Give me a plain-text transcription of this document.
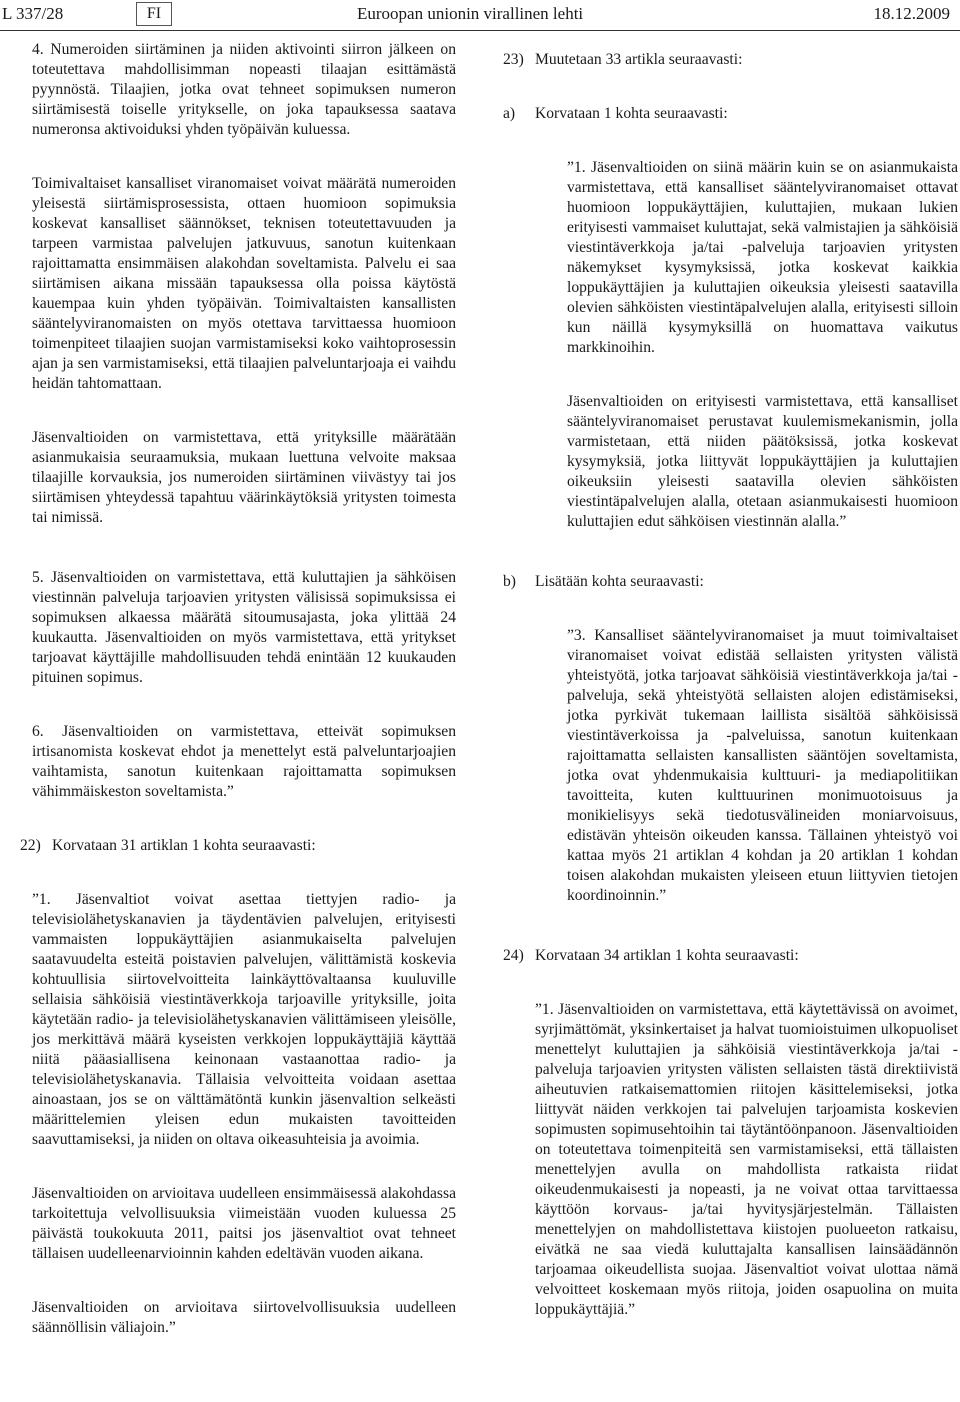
L 337/28	FI	Euroopan unionin virallinen lehti	18.12.2009

4. Numeroiden siirtäminen ja niiden aktivointi siirron jälkeen on toteutettava mahdollisimman nopeasti tilaajan esittämästä pyynnöstä. Tilaajien, jotka ovat tehneet sopimuksen numeron siirtämisestä toiselle yritykselle, on joka tapauksessa saatava numeronsa aktivoiduksi yhden työpäivän kuluessa.

Toimivaltaiset kansalliset viranomaiset voivat määrätä numeroiden yleisestä siirtämisprosessista, ottaen huomioon sopimuksia koskevat kansalliset säännökset, teknisen toteutettavuuden ja tarpeen varmistaa palvelujen jatkuvuus, sanotun kuitenkaan rajoittamatta ensimmäisen alakohdan soveltamista. Palvelu ei saa siirtämisen aikana missään tapauksessa olla poissa käytöstä kauempaa kuin yhden työpäivän. Toimivaltaisten kansallisten sääntelyviranomaisten on myös otettava tarvittaessa huomioon toimenpiteet tilaajien suojan varmistamiseksi koko vaihtoprosessin ajan ja sen varmistamiseksi, että tilaajien palveluntarjoaja ei vaihdu heidän tahtomattaan.

Jäsenvaltioiden on varmistettava, että yrityksille määrätään asianmukaisia seuraamuksia, mukaan luettuna velvoite maksaa tilaajille korvauksia, jos numeroiden siirtäminen viivästyy tai jos siirtämisen yhteydessä tapahtuu väärinkäytöksiä yritysten toimesta tai nimissä.

5. Jäsenvaltioiden on varmistettava, että kuluttajien ja sähköisen viestinnän palveluja tarjoavien yritysten välisissä sopimuksissa ei sopimuksen alkaessa määrätä sitoumusajasta, joka ylittää 24 kuukautta. Jäsenvaltioiden on myös varmistettava, että yritykset tarjoavat käyttäjille mahdollisuuden tehdä enintään 12 kuukauden pituinen sopimus.

6. Jäsenvaltioiden on varmistettava, etteivät sopimuksen irtisanomista koskevat ehdot ja menettelyt estä palveluntarjoajien vaihtamista, sanotun kuitenkaan rajoittamatta sopimuksen vähimmäiskeston soveltamista.”

22) Korvataan 31 artiklan 1 kohta seuraavasti:

”1. Jäsenvaltiot voivat asettaa tiettyjen radio- ja televisiolähetyskanavien ja täydentävien palvelujen, erityisesti vammaisten loppukäyttäjien asianmukaiselta palvelujen saatavuudelta esteitä poistavien palvelujen, välittämistä koskevia kohtuullisia siirtovelvoitteita lainkäyttövaltaansa kuuluville sellaisia sähköisiä viestintäverkkoja tarjoaville yrityksille, joita käytetään radio- ja televisiolähetyskanavien välittämiseen yleisölle, jos merkittävä määrä kyseisten verkkojen loppukäyttäjiä käyttää niitä pääasiallisena keinonaan vastaanottaa radio- ja televisiolähetyskanavia. Tällaisia velvoitteita voidaan asettaa ainoastaan, jos se on välttämätöntä kunkin jäsenvaltion selkeästi määrittelemien yleisen edun mukaisten tavoitteiden saavuttamiseksi, ja niiden on oltava oikeasuhteisia ja avoimia.

Jäsenvaltioiden on arvioitava uudelleen ensimmäisessä alakohdassa tarkoitettuja velvollisuuksia viimeistään vuoden kuluessa 25 päivästä toukokuuta 2011, paitsi jos jäsenvaltiot ovat tehneet tällaisen uudelleenarvioinnin kahden edeltävän vuoden aikana.

Jäsenvaltioiden on arvioitava siirtovelvollisuuksia uudelleen säännöllisin väliajoin.”

23) Muutetaan 33 artikla seuraavasti:
a)	Korvataan 1 kohta seuraavasti:

”1. Jäsenvaltioiden on siinä määrin kuin se on asianmukaista varmistettava, että kansalliset sääntelyviranomaiset ottavat huomioon loppukäyttäjien, kuluttajien, mukaan lukien erityisesti vammaiset kuluttajat, sekä valmistajien ja sähköisiä viestintäverkkoja ja/tai -palveluja tarjoavien yritysten näkemykset kysymyksissä, jotka koskevat kaikkia loppukäyttäjien ja kuluttajien oikeuksia yleisesti saatavilla olevien sähköisten viestintäpalvelujen alalla, erityisesti silloin kun näillä kysymyksillä on huomattava vaikutus markkinoihin.

Jäsenvaltioiden on erityisesti varmistettava, että kansalliset sääntelyviranomaiset perustavat kuulemismekanismin, jolla varmistetaan, että niiden päätöksissä, jotka koskevat kysymyksiä, jotka liittyvät loppukäyttäjien ja kuluttajien oikeuksiin yleisesti saatavilla olevien sähköisten viestintäpalvelujen alalla, otetaan asianmukaisesti huomioon kuluttajien edut sähköisen viestinnän alalla.”

b)	Lisätään kohta seuraavasti:

”3. Kansalliset sääntelyviranomaiset ja muut toimivaltaiset viranomaiset voivat edistää sellaisten yritysten välistä yhteistyötä, jotka tarjoavat sähköisiä viestintäverkkoja ja/tai -palveluja, sekä yhteistyötä sellaisten alojen edistämiseksi, jotka pyrkivät tukemaan laillista sisältöä sähköisissä viestintäverkoissa ja -palveluissa, sanotun kuitenkaan rajoittamatta sellaisten kansallisten sääntöjen soveltamista, jotka ovat yhdenmukaisia kulttuuri- ja mediapolitiikan tavoitteita, kuten kulttuurinen monimuotoisuus ja monikielisyys sekä tiedotusvälineiden moniarvoisuus, edistävän yhteisön oikeuden kanssa. Tällainen yhteistyö voi kattaa myös 21 artiklan 4 kohdan ja 20 artiklan 1 kohdan toisen alakohdan mukaisten yleiseen etuun liittyvien tietojen koordinoinnin.”

24) Korvataan 34 artiklan 1 kohta seuraavasti:

”1. Jäsenvaltioiden on varmistettava, että käytettävissä on avoimet, syrjimättömät, yksinkertaiset ja halvat tuomioistuimen ulkopuoliset menettelyt kuluttajien ja sähköisiä viestintäverkkoja ja/tai -palveluja tarjoavien yritysten välisten sellaisten tästä direktiivistä aiheutuvien ratkaisemattomien riitojen käsittelemiseksi, jotka liittyvät näiden verkkojen tai palvelujen tarjoamista koskevien sopimusten sopimusehtoihin tai täytäntöönpanoon. Jäsenvaltioiden on toteutettava toimenpiteitä sen varmistamiseksi, että tällaisten menettelyjen avulla on mahdollista ratkaista riidat oikeudenmukaisesti ja nopeasti, ja ne voivat ottaa tarvittaessa käyttöön korvaus- ja/tai hyvitysjärjestelmän. Tällaisten menettelyjen on mahdollistettava kiistojen puolueeton ratkaisu, eivätkä ne saa viedä kuluttajalta kansallisen lainsäädännön tarjoamaa oikeudellista suojaa. Jäsenvaltiot voivat ulottaa nämä velvoitteet koskemaan myös riitoja, joiden osapuolina on muita loppukäyttäjiä.”
